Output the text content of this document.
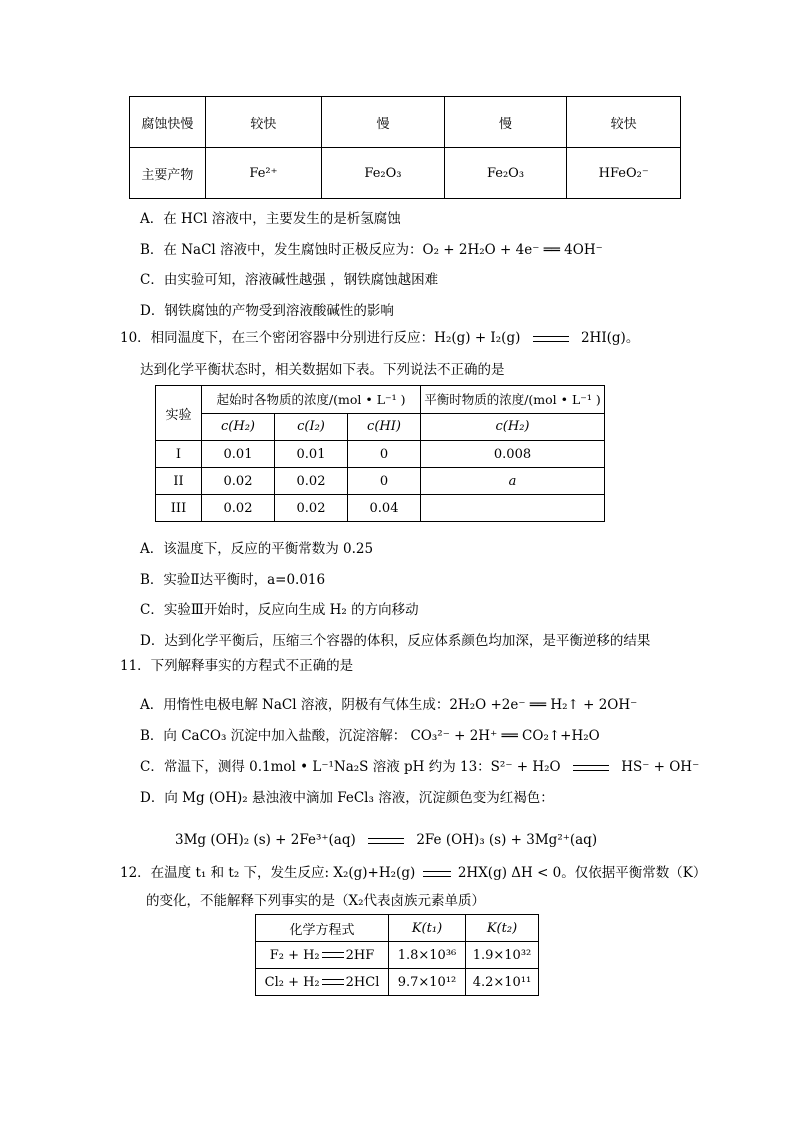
腐蚀快慢	较快	慢	慢	较快
主要产物	Fe²⁺	Fe₂O₃	Fe₂O₃	HFeO₂⁻
A．在 HCl 溶液中，主要发生的是析氢腐蚀
B．在 NaCl 溶液中，发生腐蚀时正极反应为：O₂ + 2H₂O + 4e⁻ ══ 4OH⁻
C．由实验可知，溶液碱性越强 ，钢铁腐蚀越困难
D．钢铁腐蚀的产物受到溶液酸碱性的影响
10．相同温度下，在三个密闭容器中分别进行反应：H₂(g) + I₂(g)	2HI(g)。
达到化学平衡状态时，相关数据如下表。下列说法不正确的是
实验	起始时各物质的浓度/(mol • L⁻¹ )			平衡时物质的浓度/(mol • L⁻¹ )
	c(H₂)	c(I₂)	c(HI)	c(H₂)
I	0.01	0.01	0	0.008
II	0.02	0.02	0	a
III	0.02	0.02	0.04	
A．该温度下，反应的平衡常数为 0.25
B．实验Ⅱ达平衡时，a=0.016
C．实验Ⅲ开始时，反应向生成 H₂ 的方向移动
D．达到化学平衡后，压缩三个容器的体积，反应体系颜色均加深，是平衡逆移的结果
11．下列解释事实的方程式不正确的是
A．用惰性电极电解 NaCl 溶液，阴极有气体生成：2H₂O +2e⁻ ══ H₂↑ + 2OH⁻
B．向 CaCO₃ 沉淀中加入盐酸，沉淀溶解： CO₃²⁻ + 2H⁺ ══ CO₂↑+H₂O
C．常温下，测得 0.1mol • L⁻¹Na₂S 溶液 pH 约为 13：S²⁻ + H₂O	HS⁻ + OH⁻
D．向 Mg (OH)₂ 悬浊液中滴加 FeCl₃ 溶液，沉淀颜色变为红褐色：
3Mg (OH)₂ (s) + 2Fe³⁺(aq)	2Fe (OH)₃ (s) + 3Mg²⁺(aq)
12．在温度 t₁ 和 t₂ 下，发生反应: X₂(g)+H₂(g)	2HX(g) ΔH < 0。仅依据平衡常数（K）
的变化，不能解释下列事实的是（X₂代表卤族元素单质）
化学方程式	K(t₁)	K(t₂)
F₂ + H₂ 2HF	1.8×10³⁶	1.9×10³²
Cl₂ + H₂ 2HCl	9.7×10¹²	4.2×10¹¹
